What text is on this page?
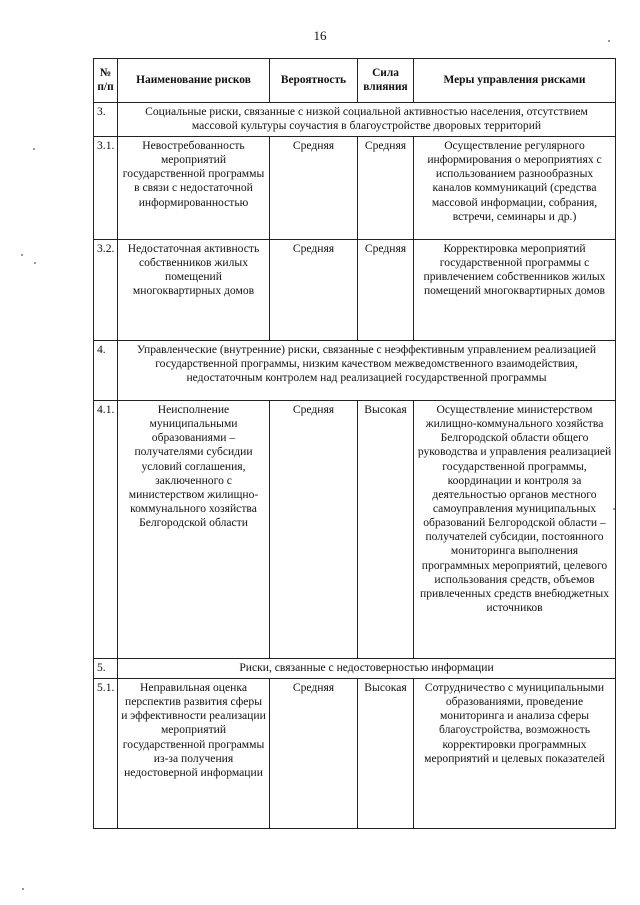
16
№ п/п	Наименование рисков	Вероятность	Сила влияния	Меры управления рисками
3.	Социальные риски, связанные с низкой социальной активностью населения, отсутствием массовой культуры соучастия в благоустройстве дворовых территорий			
3.1.	Невостребованность мероприятий государственной программы в связи с недостаточной информированностью	Средняя	Средняя	Осуществление регулярного информирования о мероприятиях с использованием разнообразных каналов коммуникаций (средства массовой информации, собрания, встречи, семинары и др.)
3.2.	Недостаточная активность собственников жилых помещений многоквартирных домов	Средняя	Средняя	Корректировка мероприятий государственной программы с привлечением собственников жилых помещений многоквартирных домов
4.	Управленческие (внутренние) риски, связанные с неэффективным управлением реализацией государственной программы, низким качеством межведомственного взаимодействия, недостаточным контролем над реализацией государственной программы			
4.1.	Неисполнение муниципальными образованиями – получателями субсидии условий соглашения, заключенного с министерством жилищно-коммунального хозяйства Белгородской области	Средняя	Высокая	Осуществление министерством жилищно-коммунального хозяйства Белгородской области общего руководства и управления реализацией государственной программы, координации и контроля за деятельностью органов местного самоуправления муниципальных образований Белгородской области – получателей субсидии, постоянного мониторинга выполнения программных мероприятий, целевого использования средств, объемов привлеченных средств внебюджетных источников
5.	Риски, связанные с недостоверностью информации			
5.1.	Неправильная оценка перспектив развития сферы и эффективности реализации мероприятий государственной программы из-за получения недостоверной информации	Средняя	Высокая	Сотрудничество с муниципальными образованиями, проведение мониторинга и анализа сферы благоустройства, возможность корректировки программных мероприятий и целевых показателей
